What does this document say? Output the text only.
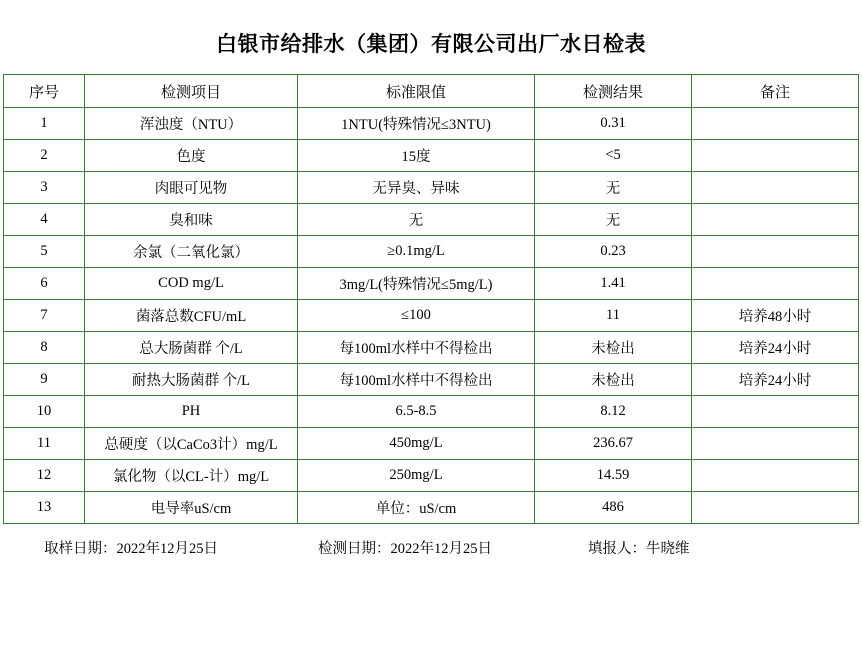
白银市给排水（集团）有限公司出厂水日检表
序号	检测项目	标准限值	检测结果	备注
1	浑浊度（NTU）	1NTU(特殊情况≤3NTU)	0.31	
2	色度	15度	<5	
3	肉眼可见物	无异臭、异味	无	
4	臭和味	无	无	
5	余氯（二氧化氯）	≥0.1mg/L	0.23	
6	COD mg/L	3mg/L(特殊情况≤5mg/L)	1.41	
7	菌落总数CFU/mL	≤100	11	培养48小时
8	总大肠菌群 个/L	每100ml水样中不得检出	未检出	培养24小时
9	耐热大肠菌群 个/L	每100ml水样中不得检出	未检出	培养24小时
10	PH	6.5-8.5	8.12	
11	总硬度（以CaCo3计）mg/L	450mg/L	236.67	
12	氯化物（以CL-计）mg/L	250mg/L	14.59	
13	电导率uS/cm	单位：uS/cm	486	
取样日期：2022年12月25日	检测日期：2022年12月25日	填报人：牛晓维
